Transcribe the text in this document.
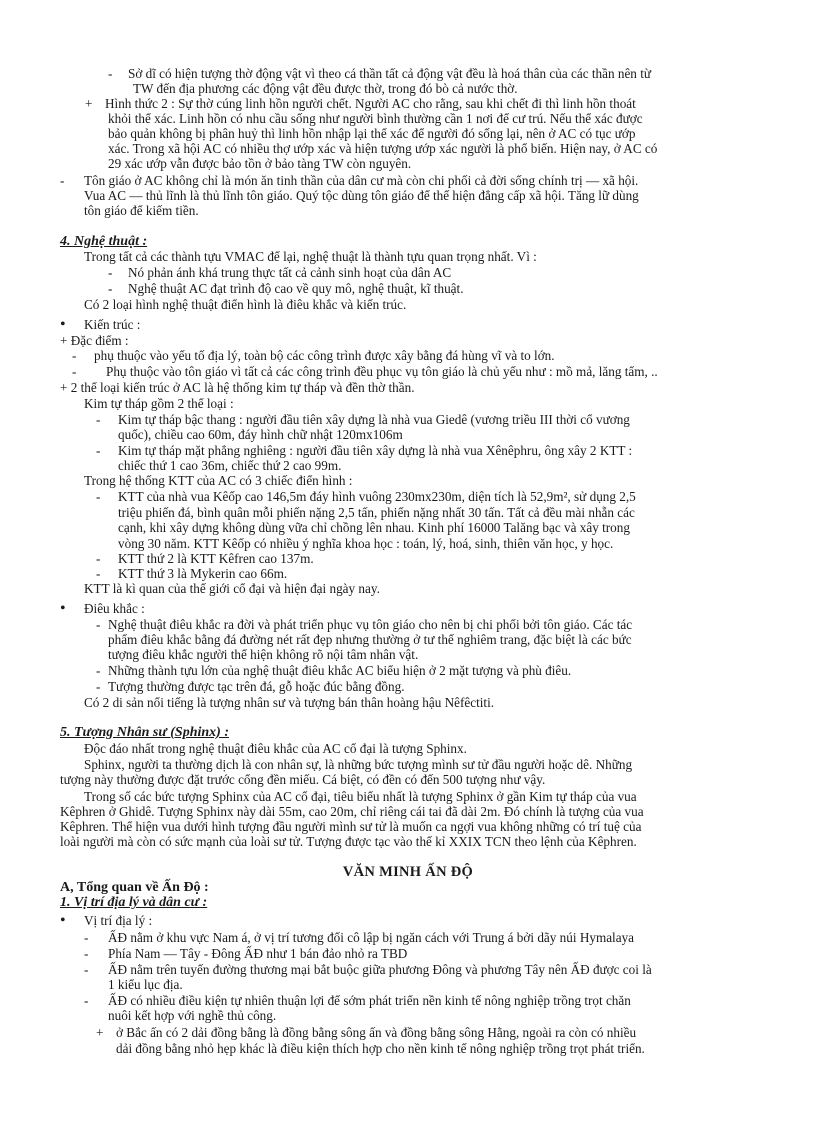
- Sở dĩ có hiện tượng thờ động vật vì theo cá thần tất cả động vật đều là hoá thân của các thần nên từ
TW đến địa phương các động vật đều được thờ, trong đó bò cả nước thờ.
+ Hình thức 2 : Sự thờ cúng linh hồn người chết. Người AC cho rằng, sau khi chết đi thì linh hồn thoát
khỏi thể xác. Linh hồn có nhu cầu sống như người bình thường cần 1 nơi để cư trú. Nếu thể xác được
bảo quản không bị phân huỷ thì linh hồn nhập lại thể xác để người đó sống lại, nên ở AC có tục ướp
xác. Trong xã hội AC có nhiều thợ ướp xác và hiện tượng ướp xác người là phổ biến. Hiện nay, ở AC có
29 xác ướp vẫn được bảo tồn ở bảo tàng TW còn nguyên.
- Tôn giáo ở AC không chỉ là món ăn tinh thần của dân cư mà còn chi phối cả đời sống chính trị — xã hội.
Vua AC — thủ lĩnh là thủ lĩnh tôn giáo. Quý tộc dùng tôn giáo để thể hiện đẳng cấp xã hội. Tăng lữ dùng
tôn giáo để kiếm tiền.
4. Nghệ thuật :
Trong tất cả các thành tựu VMAC để lại, nghệ thuật là thành tựu quan trọng nhất. Vì :
- Nó phản ánh khá trung thực tất cả cảnh sinh hoạt của dân AC
- Nghệ thuật AC đạt trình độ cao về quy mô, nghệ thuật, kĩ thuật.
Có 2 loại hình nghệ thuật điển hình là điêu khắc và kiến trúc.
• Kiến trúc :
+ Đặc điểm :
- phụ thuộc vào yếu tố địa lý, toàn bộ các công trình được xây bằng đá hùng vĩ và to lớn.
- Phụ thuộc vào tôn giáo vì tất cả các công trình đều phục vụ tôn giáo là chủ yếu như : mồ mả, lăng tẩm, ..
+ 2 thể loại kiến trúc ở AC là hệ thống kim tự tháp và đền thờ thần.
Kim tự tháp gồm 2 thể loại :
- Kim tự tháp bậc thang : người đầu tiên xây dựng là nhà vua Giedê (vương triều III thời cổ vương
quốc), chiều cao 60m, đáy hình chữ nhật 120mx106m
- Kim tự tháp mặt phẳng nghiêng : người đầu tiên xây dựng là nhà vua Xênêphru, ông xây 2 KTT :
chiếc thứ 1 cao 36m, chiếc thứ 2 cao 99m.
Trong hệ thống KTT của AC có 3 chiếc điển hình :
- KTT của nhà vua Kêốp cao 146,5m đáy hình vuông 230mx230m, diện tích là 52,9m², sử dụng 2,5
triệu phiến đá, bình quân mỗi phiến nặng 2,5 tấn, phiến nặng nhất 30 tấn. Tất cả đều mài nhẵn các
cạnh, khi xây dựng không dùng vữa chỉ chồng lên nhau. Kinh phí 16000 Talăng bạc và xây trong
vòng 30 năm. KTT Kêốp có nhiều ý nghĩa khoa học : toán, lý, hoá, sinh, thiên văn học, y học.
- KTT thứ 2 là KTT Kêfren cao 137m.
- KTT thứ 3 là Mykerin cao 66m.
KTT là kì quan của thế giới cổ đại và hiện đại ngày nay.
• Điêu khắc :
- Nghệ thuật điêu khắc ra đời và phát triển phục vụ tôn giáo cho nên bị chi phối bởi tôn giáo. Các tác
phẩm điêu khắc bằng đá đường nét rất đẹp nhưng thường ở tư thế nghiêm trang, đặc biệt là các bức
tượng điêu khắc người thể hiện không rõ nội tâm nhân vật.
- Những thành tựu lớn của nghệ thuật điêu khắc AC biểu hiện ở 2 mặt tượng và phù điêu.
- Tượng thường được tạc trên đá, gỗ hoặc đúc bằng đồng.
Có 2 di sản nổi tiếng là tượng nhân sư và tượng bán thân hoàng hậu Nêfêctiti.
5. Tượng Nhân sư (Sphinx) :
Độc đáo nhất trong nghệ thuật điêu khắc của AC cổ đại là tượng Sphinx.
Sphinx, người ta thường dịch là con nhân sự, là những bức tượng mình sư tử đầu người hoặc dê. Những
tượng này thường được đặt trước cổng đền miếu. Cá biệt, có đền có đến 500 tượng như vậy.
Trong số các bức tượng Sphinx của AC cổ đại, tiêu biểu nhất là tượng Sphinx ở gần Kim tự tháp của vua
Kêphren ở Ghidê. Tượng Sphinx này dài 55m, cao 20m, chỉ riêng cái tai đã dài 2m. Đó chính là tượng của vua
Kêphren. Thể hiện vua dưới hình tượng đầu người mình sư tử là muốn ca ngợi vua không những có trí tuệ của
loài người mà còn có sức mạnh của loài sư tử. Tượng được tạc vào thế kỉ XXIX TCN theo lệnh của Kêphren.
VĂN MINH ẤN ĐỘ
A, Tổng quan về Ấn Độ :
1. Vị trí địa lý và dân cư :
• Vị trí địa lý :
- ẤĐ nằm ở khu vực Nam á, ở vị trí tương đối cô lập bị ngăn cách với Trung á bởi dãy núi Hymalaya
- Phía Nam — Tây - Đông ẤĐ như 1 bán đảo nhỏ ra TBD
- ẤĐ nằm trên tuyến đường thương mại bắt buộc giữa phương Đông và phương Tây nên ẤĐ được coi là
1 kiểu lục địa.
- ẤĐ có nhiều điều kiện tự nhiên thuận lợi để sớm phát triển nền kinh tế nông nghiệp trồng trọt chăn
nuôi kết hợp với nghề thủ công.
+ ở Bắc ấn có 2 dải đồng bằng là đồng bằng sông ấn và đồng bằng sông Hằng, ngoài ra còn có nhiều
dải đồng bằng nhỏ hẹp khác là điều kiện thích hợp cho nền kinh tế nông nghiệp trồng trọt phát triển.
